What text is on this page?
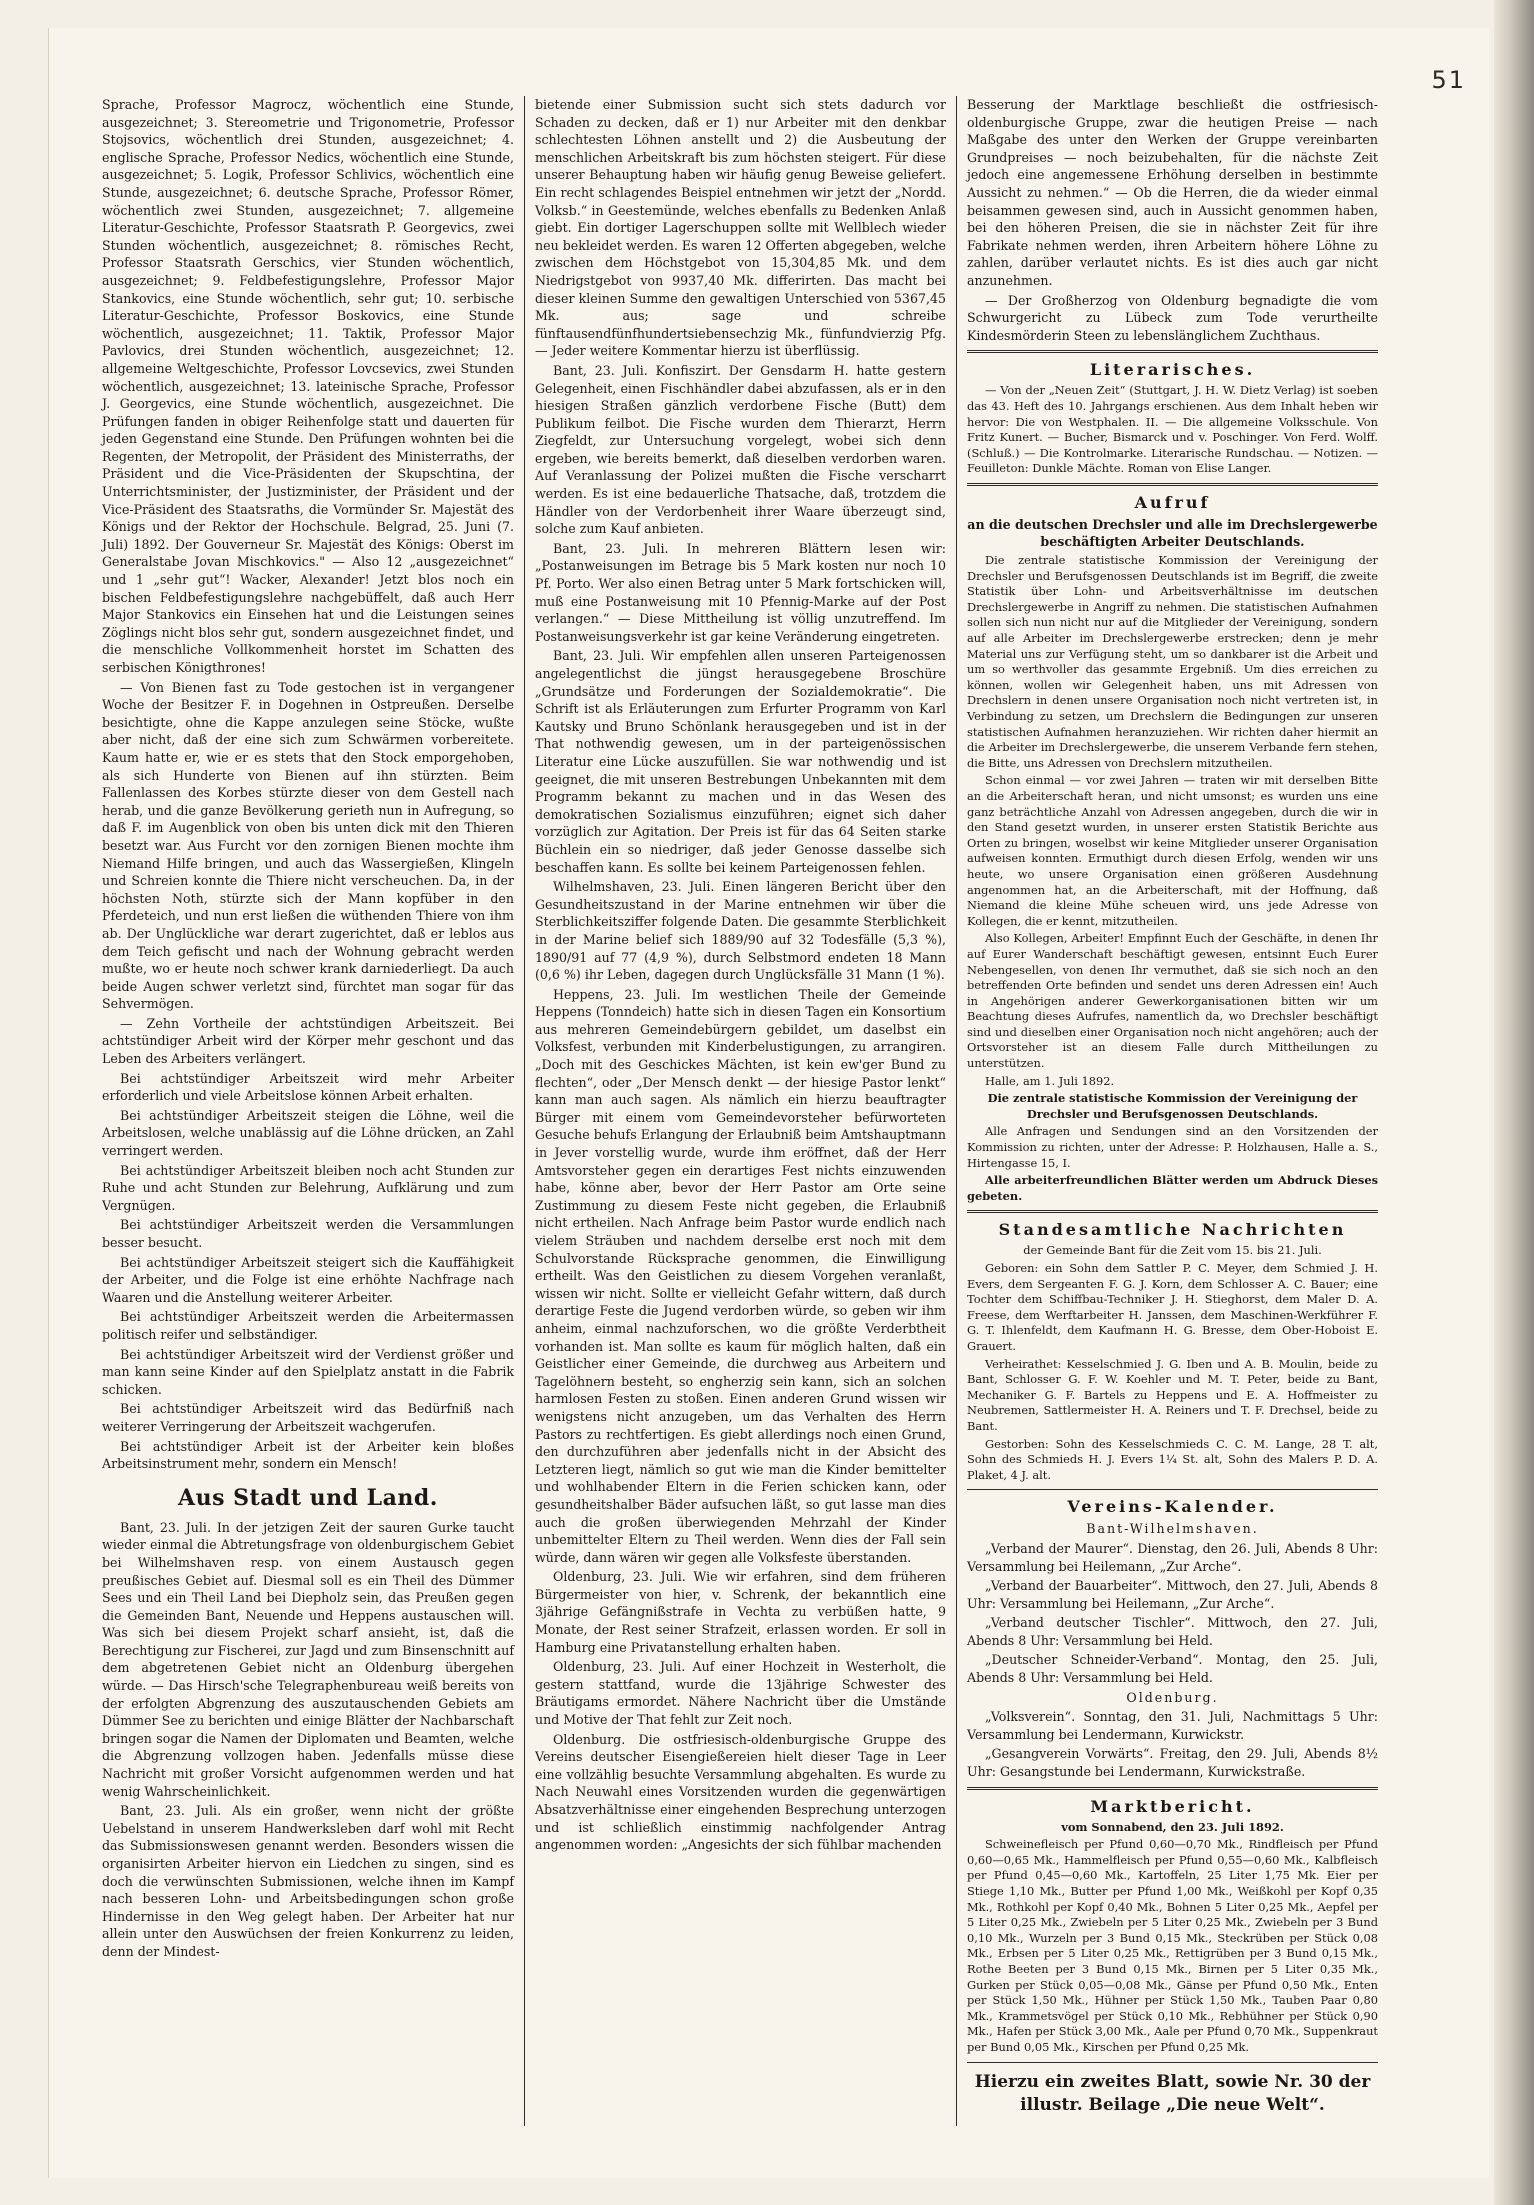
51

Sprache, Professor Magrocz, wöchentlich eine Stunde, ausgezeichnet; 3. Stereometrie und Trigonometrie, Professor Stojsovics, wöchentlich drei Stunden, ausgezeichnet; 4. englische Sprache, Professor Nedics, wöchentlich eine Stunde, ausgezeichnet; 5. Logik, Professor Schlivics, wöchentlich eine Stunde, ausgezeichnet; 6. deutsche Sprache, Professor Römer, wöchentlich zwei Stunden, ausgezeichnet; 7. allgemeine Literatur-Geschichte, Professor Staatsrath P. Georgevics, zwei Stunden wöchentlich, ausgezeichnet; 8. römisches Recht, Professor Staatsrath Gerschics, vier Stunden wöchentlich, ausgezeichnet; 9. Feldbefestigungslehre, Professor Major Stankovics, eine Stunde wöchentlich, sehr gut; 10. serbische Literatur-Geschichte, Professor Boskovics, eine Stunde wöchentlich, ausgezeichnet; 11. Taktik, Professor Major Pavlovics, drei Stunden wöchentlich, ausgezeichnet; 12. allgemeine Weltgeschichte, Professor Lovcsevics, zwei Stunden wöchentlich, ausgezeichnet; 13. lateinische Sprache, Professor J. Georgevics, eine Stunde wöchentlich, ausgezeichnet. Die Prüfungen fanden in obiger Reihenfolge statt und dauerten für jeden Gegenstand eine Stunde. Den Prüfungen wohnten bei die Regenten, der Metropolit, der Präsident des Ministerraths, der Präsident und die Vice-Präsidenten der Skupschtina, der Unterrichtsminister, der Justizminister, der Präsident und der Vice-Präsident des Staatsraths, die Vormünder Sr. Majestät des Königs und der Rektor der Hochschule. Belgrad, 25. Juni (7. Juli) 1892. Der Gouverneur Sr. Majestät des Königs: Oberst im Generalstabe Jovan Mischkovics." — Also 12 „ausgezeichnet“ und 1 „sehr gut“! Wacker, Alexander! Jetzt blos noch ein bischen Feldbefestigungslehre nachgebüffelt, daß auch Herr Major Stankovics ein Einsehen hat und die Leistungen seines Zöglings nicht blos sehr gut, sondern ausgezeichnet findet, und die menschliche Vollkommenheit horstet im Schatten des serbischen Königthrones!

— Von Bienen fast zu Tode gestochen ist in vergangener Woche der Besitzer F. in Dogehnen in Ostpreußen. Derselbe besichtigte, ohne die Kappe anzulegen seine Stöcke, wußte aber nicht, daß der eine sich zum Schwärmen vorbereitete. Kaum hatte er, wie er es stets that den Stock emporgehoben, als sich Hunderte von Bienen auf ihn stürzten. Beim Fallenlassen des Korbes stürzte dieser von dem Gestell nach herab, und die ganze Bevölkerung gerieth nun in Aufregung, so daß F. im Augenblick von oben bis unten dick mit den Thieren besetzt war. Aus Furcht vor den zornigen Bienen mochte ihm Niemand Hilfe bringen, und auch das Wassergießen, Klingeln und Schreien konnte die Thiere nicht verscheuchen. Da, in der höchsten Noth, stürzte sich der Mann kopfüber in den Pferdeteich, und nun erst ließen die wüthenden Thiere von ihm ab. Der Unglückliche war derart zugerichtet, daß er leblos aus dem Teich gefischt und nach der Wohnung gebracht werden mußte, wo er heute noch schwer krank darniederliegt. Da auch beide Augen schwer verletzt sind, fürchtet man sogar für das Sehvermögen.

— Zehn Vortheile der achtstündigen Arbeitszeit. Bei achtstündiger Arbeit wird der Körper mehr geschont und das Leben des Arbeiters verlängert.

Bei achtstündiger Arbeitszeit wird mehr Arbeiter erforderlich und viele Arbeitslose können Arbeit erhalten.

Bei achtstündiger Arbeitszeit steigen die Löhne, weil die Arbeitslosen, welche unablässig auf die Löhne drücken, an Zahl verringert werden.

Bei achtstündiger Arbeitszeit bleiben noch acht Stunden zur Ruhe und acht Stunden zur Belehrung, Aufklärung und zum Vergnügen.

Bei achtstündiger Arbeitszeit werden die Versammlungen besser besucht.

Bei achtstündiger Arbeitszeit steigert sich die Kauffähigkeit der Arbeiter, und die Folge ist eine erhöhte Nachfrage nach Waaren und die Anstellung weiterer Arbeiter.

Bei achtstündiger Arbeitszeit werden die Arbeitermassen politisch reifer und selbständiger.

Bei achtstündiger Arbeitszeit wird der Verdienst größer und man kann seine Kinder auf den Spielplatz anstatt in die Fabrik schicken.

Bei achtstündiger Arbeitszeit wird das Bedürfniß nach weiterer Verringerung der Arbeitszeit wachgerufen.

Bei achtstündiger Arbeit ist der Arbeiter kein bloßes Arbeitsinstrument mehr, sondern ein Mensch!

Aus Stadt und Land.

Bant, 23. Juli. In der jetzigen Zeit der sauren Gurke taucht wieder einmal die Abtretungsfrage von oldenburgischem Gebiet bei Wilhelmshaven resp. von einem Austausch gegen preußisches Gebiet auf. Diesmal soll es ein Theil des Dümmer Sees und ein Theil Land bei Diepholz sein, das Preußen gegen die Gemeinden Bant, Neuende und Heppens austauschen will. Was sich bei diesem Projekt scharf ansieht, ist, daß die Berechtigung zur Fischerei, zur Jagd und zum Binsenschnitt auf dem abgetretenen Gebiet nicht an Oldenburg übergehen würde. — Das Hirsch'sche Telegraphenbureau weiß bereits von der erfolgten Abgrenzung des auszutauschenden Gebiets am Dümmer See zu berichten und einige Blätter der Nachbarschaft bringen sogar die Namen der Diplomaten und Beamten, welche die Abgrenzung vollzogen haben. Jedenfalls müsse diese Nachricht mit großer Vorsicht aufgenommen werden und hat wenig Wahrscheinlichkeit.

Bant, 23. Juli. Als ein großer, wenn nicht der größte Uebelstand in unserem Handwerksleben darf wohl mit Recht das Submissionswesen genannt werden. Besonders wissen die organisirten Arbeiter hiervon ein Liedchen zu singen, sind es doch die verwünschten Submissionen, welche ihnen im Kampf nach besseren Lohn- und Arbeitsbedingungen schon große Hindernisse in den Weg gelegt haben. Der Arbeiter hat nur allein unter den Auswüchsen der freien Konkurrenz zu leiden, denn der Mindest-

bietende einer Submission sucht sich stets dadurch vor Schaden zu decken, daß er 1) nur Arbeiter mit den denkbar schlechtesten Löhnen anstellt und 2) die Ausbeutung der menschlichen Arbeitskraft bis zum höchsten steigert. Für diese unserer Behauptung haben wir häufig genug Beweise geliefert. Ein recht schlagendes Beispiel entnehmen wir jetzt der „Nordd. Volksb.“ in Geestemünde, welches ebenfalls zu Bedenken Anlaß giebt. Ein dortiger Lagerschuppen sollte mit Wellblech wieder neu bekleidet werden. Es waren 12 Offerten abgegeben, welche zwischen dem Höchstgebot von 15,304,85 Mk. und dem Niedrigstgebot von 9937,40 Mk. differirten. Das macht bei dieser kleinen Summe den gewaltigen Unterschied von 5367,45 Mk. aus; sage und schreibe fünftausendfünfhundertsiebensechzig Mk., fünfundvierzig Pfg. — Jeder weitere Kommentar hierzu ist überflüssig.

Bant, 23. Juli. Konfiszirt. Der Gensdarm H. hatte gestern Gelegenheit, einen Fischhändler dabei abzufassen, als er in den hiesigen Straßen gänzlich verdorbene Fische (Butt) dem Publikum feilbot. Die Fische wurden dem Thierarzt, Herrn Ziegfeldt, zur Untersuchung vorgelegt, wobei sich denn ergeben, wie bereits bemerkt, daß dieselben verdorben waren. Auf Veranlassung der Polizei mußten die Fische verscharrt werden. Es ist eine bedauerliche Thatsache, daß, trotzdem die Händler von der Verdorbenheit ihrer Waare überzeugt sind, solche zum Kauf anbieten.

Bant, 23. Juli. In mehreren Blättern lesen wir: „Postanweisungen im Betrage bis 5 Mark kosten nur noch 10 Pf. Porto. Wer also einen Betrag unter 5 Mark fortschicken will, muß eine Postanweisung mit 10 Pfennig-Marke auf der Post verlangen.“ — Diese Mittheilung ist völlig unzutreffend. Im Postanweisungsverkehr ist gar keine Veränderung eingetreten.

Bant, 23. Juli. Wir empfehlen allen unseren Parteigenossen angelegentlichst die jüngst herausgegebene Broschüre „Grundsätze und Forderungen der Sozialdemokratie“. Die Schrift ist als Erläuterungen zum Erfurter Programm von Karl Kautsky und Bruno Schönlank herausgegeben und ist in der That nothwendig gewesen, um in der parteigenössischen Literatur eine Lücke auszufüllen. Sie war nothwendig und ist geeignet, die mit unseren Bestrebungen Unbekannten mit dem Programm bekannt zu machen und in das Wesen des demokratischen Sozialismus einzuführen; eignet sich daher vorzüglich zur Agitation. Der Preis ist für das 64 Seiten starke Büchlein ein so niedriger, daß jeder Genosse dasselbe sich beschaffen kann. Es sollte bei keinem Parteigenossen fehlen.

Wilhelmshaven, 23. Juli. Einen längeren Bericht über den Gesundheitszustand in der Marine entnehmen wir über die Sterblichkeitsziffer folgende Daten. Die gesammte Sterblichkeit in der Marine belief sich 1889/90 auf 32 Todesfälle (5,3 %), 1890/91 auf 77 (4,9 %), durch Selbstmord endeten 18 Mann (0,6 %) ihr Leben, dagegen durch Unglücksfälle 31 Mann (1 %).

Heppens, 23. Juli. Im westlichen Theile der Gemeinde Heppens (Tonndeich) hatte sich in diesen Tagen ein Konsortium aus mehreren Gemeindebürgern gebildet, um daselbst ein Volksfest, verbunden mit Kinderbelustigungen, zu arrangiren. „Doch mit des Geschickes Mächten, ist kein ew'ger Bund zu flechten“, oder „Der Mensch denkt — der hiesige Pastor lenkt“ kann man auch sagen. Als nämlich ein hierzu beauftragter Bürger mit einem vom Gemeindevorsteher befürworteten Gesuche behufs Erlangung der Erlaubniß beim Amtshauptmann in Jever vorstellig wurde, wurde ihm eröffnet, daß der Herr Amtsvorsteher gegen ein derartiges Fest nichts einzuwenden habe, könne aber, bevor der Herr Pastor am Orte seine Zustimmung zu diesem Feste nicht gegeben, die Erlaubniß nicht ertheilen. Nach Anfrage beim Pastor wurde endlich nach vielem Sträuben und nachdem derselbe erst noch mit dem Schulvorstande Rücksprache genommen, die Einwilligung ertheilt. Was den Geistlichen zu diesem Vorgehen veranlaßt, wissen wir nicht. Sollte er vielleicht Gefahr wittern, daß durch derartige Feste die Jugend verdorben würde, so geben wir ihm anheim, einmal nachzuforschen, wo die größte Verderbtheit vorhanden ist. Man sollte es kaum für möglich halten, daß ein Geistlicher einer Gemeinde, die durchweg aus Arbeitern und Tagelöhnern besteht, so engherzig sein kann, sich an solchen harmlosen Festen zu stoßen. Einen anderen Grund wissen wir wenigstens nicht anzugeben, um das Verhalten des Herrn Pastors zu rechtfertigen. Es giebt allerdings noch einen Grund, den durchzuführen aber jedenfalls nicht in der Absicht des Letzteren liegt, nämlich so gut wie man die Kinder bemittelter und wohlhabender Eltern in die Ferien schicken kann, oder gesundheitshalber Bäder aufsuchen läßt, so gut lasse man dies auch die großen überwiegenden Mehrzahl der Kinder unbemittelter Eltern zu Theil werden. Wenn dies der Fall sein würde, dann wären wir gegen alle Volksfeste überstanden.

Oldenburg, 23. Juli. Wie wir erfahren, sind dem früheren Bürgermeister von hier, v. Schrenk, der bekanntlich eine 3jährige Gefängnißstrafe in Vechta zu verbüßen hatte, 9 Monate, der Rest seiner Strafzeit, erlassen worden. Er soll in Hamburg eine Privatanstellung erhalten haben.

Oldenburg, 23. Juli. Auf einer Hochzeit in Westerholt, die gestern stattfand, wurde die 13jährige Schwester des Bräutigams ermordet. Nähere Nachricht über die Umstände und Motive der That fehlt zur Zeit noch.

Oldenburg. Die ostfriesisch-oldenburgische Gruppe des Vereins deutscher Eisengießereien hielt dieser Tage in Leer eine vollzählig besuchte Versammlung abgehalten. Es wurde zu Nach Neuwahl eines Vorsitzenden wurden die gegenwärtigen Absatzverhältnisse einer eingehenden Besprechung unterzogen und ist schließlich einstimmig nachfolgender Antrag angenommen worden: „Angesichts der sich fühlbar machenden

Besserung der Marktlage beschließt die ostfriesisch-oldenburgische Gruppe, zwar die heutigen Preise — nach Maßgabe des unter den Werken der Gruppe vereinbarten Grundpreises — noch beizubehalten, für die nächste Zeit jedoch eine angemessene Erhöhung derselben in bestimmte Aussicht zu nehmen.“ — Ob die Herren, die da wieder einmal beisammen gewesen sind, auch in Aussicht genommen haben, bei den höheren Preisen, die sie in nächster Zeit für ihre Fabrikate nehmen werden, ihren Arbeitern höhere Löhne zu zahlen, darüber verlautet nichts. Es ist dies auch gar nicht anzunehmen.

— Der Großherzog von Oldenburg begnadigte die vom Schwurgericht zu Lübeck zum Tode verurtheilte Kindesmörderin Steen zu lebenslänglichem Zuchthaus.

Literarisches.

— Von der „Neuen Zeit“ (Stuttgart, J. H. W. Dietz Verlag) ist soeben das 43. Heft des 10. Jahrgangs erschienen. Aus dem Inhalt heben wir hervor: Die von Westphalen. II. — Die allgemeine Volksschule. Von Fritz Kunert. — Bucher, Bismarck und v. Poschinger. Von Ferd. Wolff. (Schluß.) — Die Kontrolmarke. Literarische Rundschau. — Notizen. — Feuilleton: Dunkle Mächte. Roman von Elise Langer.

Aufruf

an die deutschen Drechsler und alle im Drechslergewerbe beschäftigten Arbeiter Deutschlands.

Die zentrale statistische Kommission der Vereinigung der Drechsler und Berufsgenossen Deutschlands ist im Begriff, die zweite Statistik über Lohn- und Arbeitsverhältnisse im deutschen Drechslergewerbe in Angriff zu nehmen. Die statistischen Aufnahmen sollen sich nun nicht nur auf die Mitglieder der Vereinigung, sondern auf alle Arbeiter im Drechslergewerbe erstrecken; denn je mehr Material uns zur Verfügung steht, um so dankbarer ist die Arbeit und um so werthvoller das gesammte Ergebniß. Um dies erreichen zu können, wollen wir Gelegenheit haben, uns mit Adressen von Drechslern in denen unsere Organisation noch nicht vertreten ist, in Verbindung zu setzen, um Drechslern die Bedingungen zur unseren statistischen Aufnahmen heranzuziehen. Wir richten daher hiermit an die Arbeiter im Drechslergewerbe, die unserem Verbande fern stehen, die Bitte, uns Adressen von Drechslern mitzutheilen.

Schon einmal — vor zwei Jahren — traten wir mit derselben Bitte an die Arbeiterschaft heran, und nicht umsonst; es wurden uns eine ganz beträchtliche Anzahl von Adressen angegeben, durch die wir in den Stand gesetzt wurden, in unserer ersten Statistik Berichte aus Orten zu bringen, woselbst wir keine Mitglieder unserer Organisation aufweisen konnten. Ermuthigt durch diesen Erfolg, wenden wir uns heute, wo unsere Organisation einen größeren Ausdehnung angenommen hat, an die Arbeiterschaft, mit der Hoffnung, daß Niemand die kleine Mühe scheuen wird, uns jede Adresse von Kollegen, die er kennt, mitzutheilen.

Also Kollegen, Arbeiter! Empfinnt Euch der Geschäfte, in denen Ihr auf Eurer Wanderschaft beschäftigt gewesen, entsinnt Euch Eurer Nebengesellen, von denen Ihr vermuthet, daß sie sich noch an den betreffenden Orte befinden und sendet uns deren Adressen ein! Auch in Angehörigen anderer Gewerkorganisationen bitten wir um Beachtung dieses Aufrufes, namentlich da, wo Drechsler beschäftigt sind und dieselben einer Organisation noch nicht angehören; auch der Ortsvorsteher ist an diesem Falle durch Mittheilungen zu unterstützen.

Halle, am 1. Juli 1892.

Die zentrale statistische Kommission der Vereinigung der Drechsler und Berufsgenossen Deutschlands.

Alle Anfragen und Sendungen sind an den Vorsitzenden der Kommission zu richten, unter der Adresse: P. Holzhausen, Halle a. S., Hirtengasse 15, I.

Alle arbeiterfreundlichen Blätter werden um Abdruck Dieses gebeten.

Standesamtliche Nachrichten

der Gemeinde Bant für die Zeit vom 15. bis 21. Juli.

Geboren: ein Sohn dem Sattler P. C. Meyer, dem Schmied J. H. Evers, dem Sergeanten F. G. J. Korn, dem Schlosser A. C. Bauer; eine Tochter dem Schiffbau-Techniker J. H. Stieghorst, dem Maler D. A. Freese, dem Werftarbeiter H. Janssen, dem Maschinen-Werkführer F. G. T. Ihlenfeldt, dem Kaufmann H. G. Bresse, dem Ober-Hoboist E. Grauert.

Verheirathet: Kesselschmied J. G. Iben und A. B. Moulin, beide zu Bant, Schlosser G. F. W. Koehler und M. T. Peter, beide zu Bant, Mechaniker G. F. Bartels zu Heppens und E. A. Hoffmeister zu Neubremen, Sattlermeister H. A. Reiners und T. F. Drechsel, beide zu Bant.

Gestorben: Sohn des Kesselschmieds C. C. M. Lange, 28 T. alt, Sohn des Schmieds H. J. Evers 1¼ St. alt, Sohn des Malers P. D. A. Plaket, 4 J. alt.

Vereins-Kalender.

Bant-Wilhelmshaven.

„Verband der Maurer“. Dienstag, den 26. Juli, Abends 8 Uhr: Versammlung bei Heilemann, „Zur Arche“.

„Verband der Bauarbeiter“. Mittwoch, den 27. Juli, Abends 8 Uhr: Versammlung bei Heilemann, „Zur Arche“.

„Verband deutscher Tischler“. Mittwoch, den 27. Juli, Abends 8 Uhr: Versammlung bei Held.

„Deutscher Schneider-Verband“. Montag, den 25. Juli, Abends 8 Uhr: Versammlung bei Held.

Oldenburg.

„Volksverein“. Sonntag, den 31. Juli, Nachmittags 5 Uhr: Versammlung bei Lendermann, Kurwickstr.

„Gesangverein Vorwärts“. Freitag, den 29. Juli, Abends 8½ Uhr: Gesangstunde bei Lendermann, Kurwickstraße.

Marktbericht.

vom Sonnabend, den 23. Juli 1892.

Schweinefleisch per Pfund 0,60—0,70 Mk., Rindfleisch per Pfund 0,60—0,65 Mk., Hammelfleisch per Pfund 0,55—0,60 Mk., Kalbfleisch per Pfund 0,45—0,60 Mk., Kartoffeln, 25 Liter 1,75 Mk. Eier per Stiege 1,10 Mk., Butter per Pfund 1,00 Mk., Weißkohl per Kopf 0,35 Mk., Rothkohl per Kopf 0,40 Mk., Bohnen 5 Liter 0,25 Mk., Aepfel per 5 Liter 0,25 Mk., Zwiebeln per 5 Liter 0,25 Mk., Zwiebeln per 3 Bund 0,10 Mk., Wurzeln per 3 Bund 0,15 Mk., Steckrüben per Stück 0,08 Mk., Erbsen per 5 Liter 0,25 Mk., Rettigrüben per 3 Bund 0,15 Mk., Rothe Beeten per 3 Bund 0,15 Mk., Birnen per 5 Liter 0,35 Mk., Gurken per Stück 0,05—0,08 Mk., Gänse per Pfund 0,50 Mk., Enten per Stück 1,50 Mk., Hühner per Stück 1,50 Mk., Tauben Paar 0,80 Mk., Krammetsvögel per Stück 0,10 Mk., Rebhühner per Stück 0,90 Mk., Hafen per Stück 3,00 Mk., Aale per Pfund 0,70 Mk., Suppenkraut per Bund 0,05 Mk., Kirschen per Pfund 0,25 Mk.

Hierzu ein zweites Blatt, sowie Nr. 30 der illustr. Beilage „Die neue Welt“.
